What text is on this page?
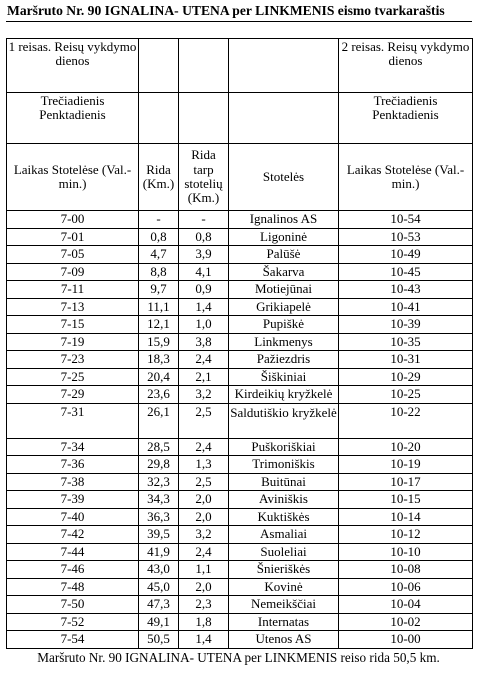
Maršruto Nr. 90 IGNALINA- UTENA per LINKMENIS eismo tvarkaraštis
1 reisas. Reisų vykdymo dienos				2 reisas. Reisų vykdymo dienos
Trečiadienis Penktadienis				Trečiadienis Penktadienis
Laikas Stotelėse (Val.- min.)	Rida (Km.)	Rida tarp stotelių (Km.)	Stotelės	Laikas Stotelėse (Val.- min.)
7-00	-	-	Ignalinos AS	10-54
7-01	0,8	0,8	Ligoninė	10-53
7-05	4,7	3,9	Palūšė	10-49
7-09	8,8	4,1	Šakarva	10-45
7-11	9,7	0,9	Motiejūnai	10-43
7-13	11,1	1,4	Grikiapelė	10-41
7-15	12,1	1,0	Pupiškė	10-39
7-19	15,9	3,8	Linkmenys	10-35
7-23	18,3	2,4	Pažiezdris	10-31
7-25	20,4	2,1	Šiškiniai	10-29
7-29	23,6	3,2	Kirdeikių kryžkelė	10-25
7-31	26,1	2,5	Saldutiškio kryžkelė	10-22
7-34	28,5	2,4	Puškoriškiai	10-20
7-36	29,8	1,3	Trimoniškis	10-19
7-38	32,3	2,5	Buitūnai	10-17
7-39	34,3	2,0	Aviniškis	10-15
7-40	36,3	2,0	Kuktiškės	10-14
7-42	39,5	3,2	Asmaliai	10-12
7-44	41,9	2,4	Suoleliai	10-10
7-46	43,0	1,1	Šnieriškės	10-08
7-48	45,0	2,0	Kovinė	10-06
7-50	47,3	2,3	Nemeikščiai	10-04
7-52	49,1	1,8	Internatas	10-02
7-54	50,5	1,4	Utenos AS	10-00
Maršruto Nr. 90 IGNALINA- UTENA per LINKMENIS reiso rida 50,5 km.
